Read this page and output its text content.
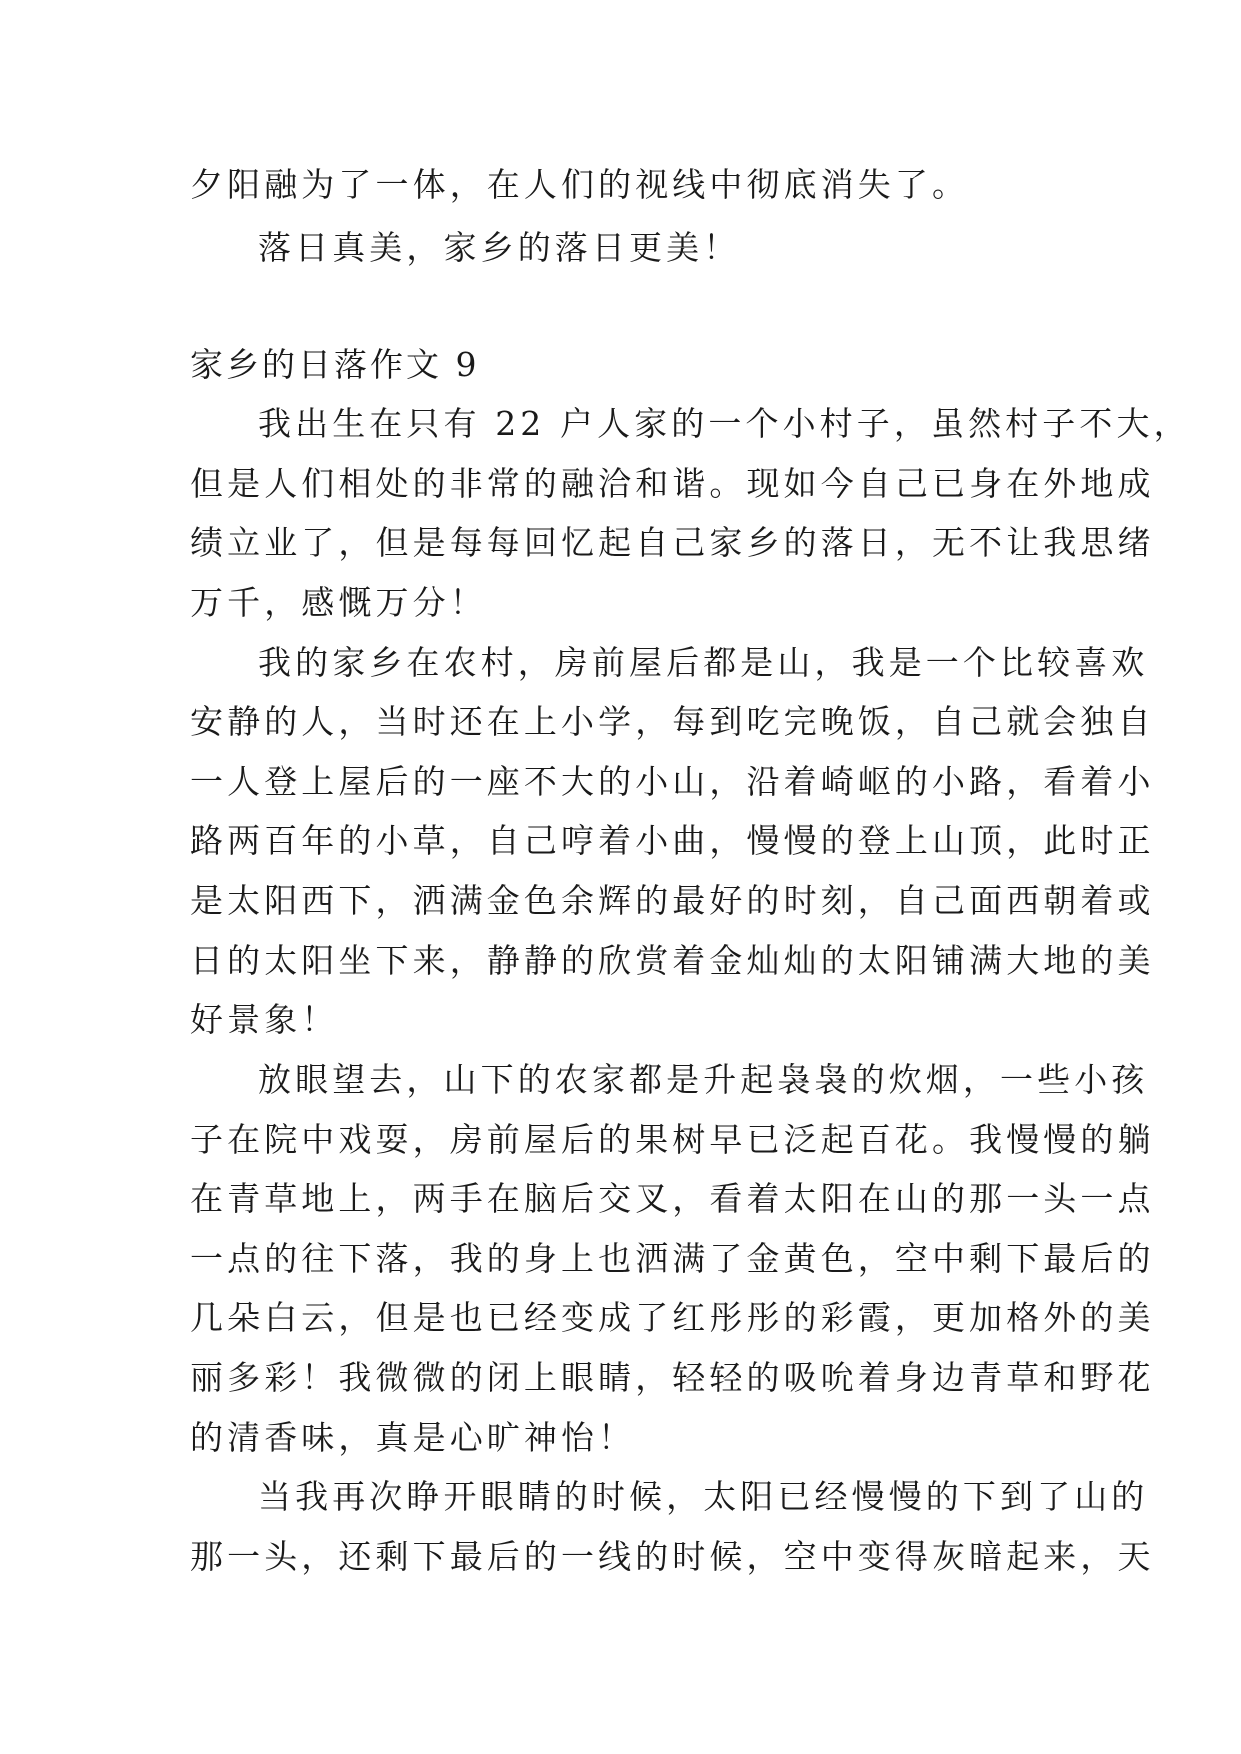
夕阳融为了一体，在人们的视线中彻底消失了。
落日真美，家乡的落日更美！
家乡的日落作文 9
我出生在只有 22 户人家的一个小村子，虽然村子不大，
但是人们相处的非常的融洽和谐。现如今自己已身在外地成
绩立业了，但是每每回忆起自己家乡的落日，无不让我思绪
万千，感慨万分！
我的家乡在农村，房前屋后都是山，我是一个比较喜欢
安静的人，当时还在上小学，每到吃完晚饭，自己就会独自
一人登上屋后的一座不大的小山，沿着崎岖的小路，看着小
路两百年的小草，自己哼着小曲，慢慢的登上山顶，此时正
是太阳西下，洒满金色余辉的最好的时刻，自己面西朝着或
日的太阳坐下来，静静的欣赏着金灿灿的太阳铺满大地的美
好景象！
放眼望去，山下的农家都是升起袅袅的炊烟，一些小孩
子在院中戏耍，房前屋后的果树早已泛起百花。我慢慢的躺
在青草地上，两手在脑后交叉，看着太阳在山的那一头一点
一点的往下落，我的身上也洒满了金黄色，空中剩下最后的
几朵白云，但是也已经变成了红彤彤的彩霞，更加格外的美
丽多彩！我微微的闭上眼睛，轻轻的吸吮着身边青草和野花
的清香味，真是心旷神怡！
当我再次睁开眼睛的时候，太阳已经慢慢的下到了山的
那一头，还剩下最后的一线的时候，空中变得灰暗起来，天
